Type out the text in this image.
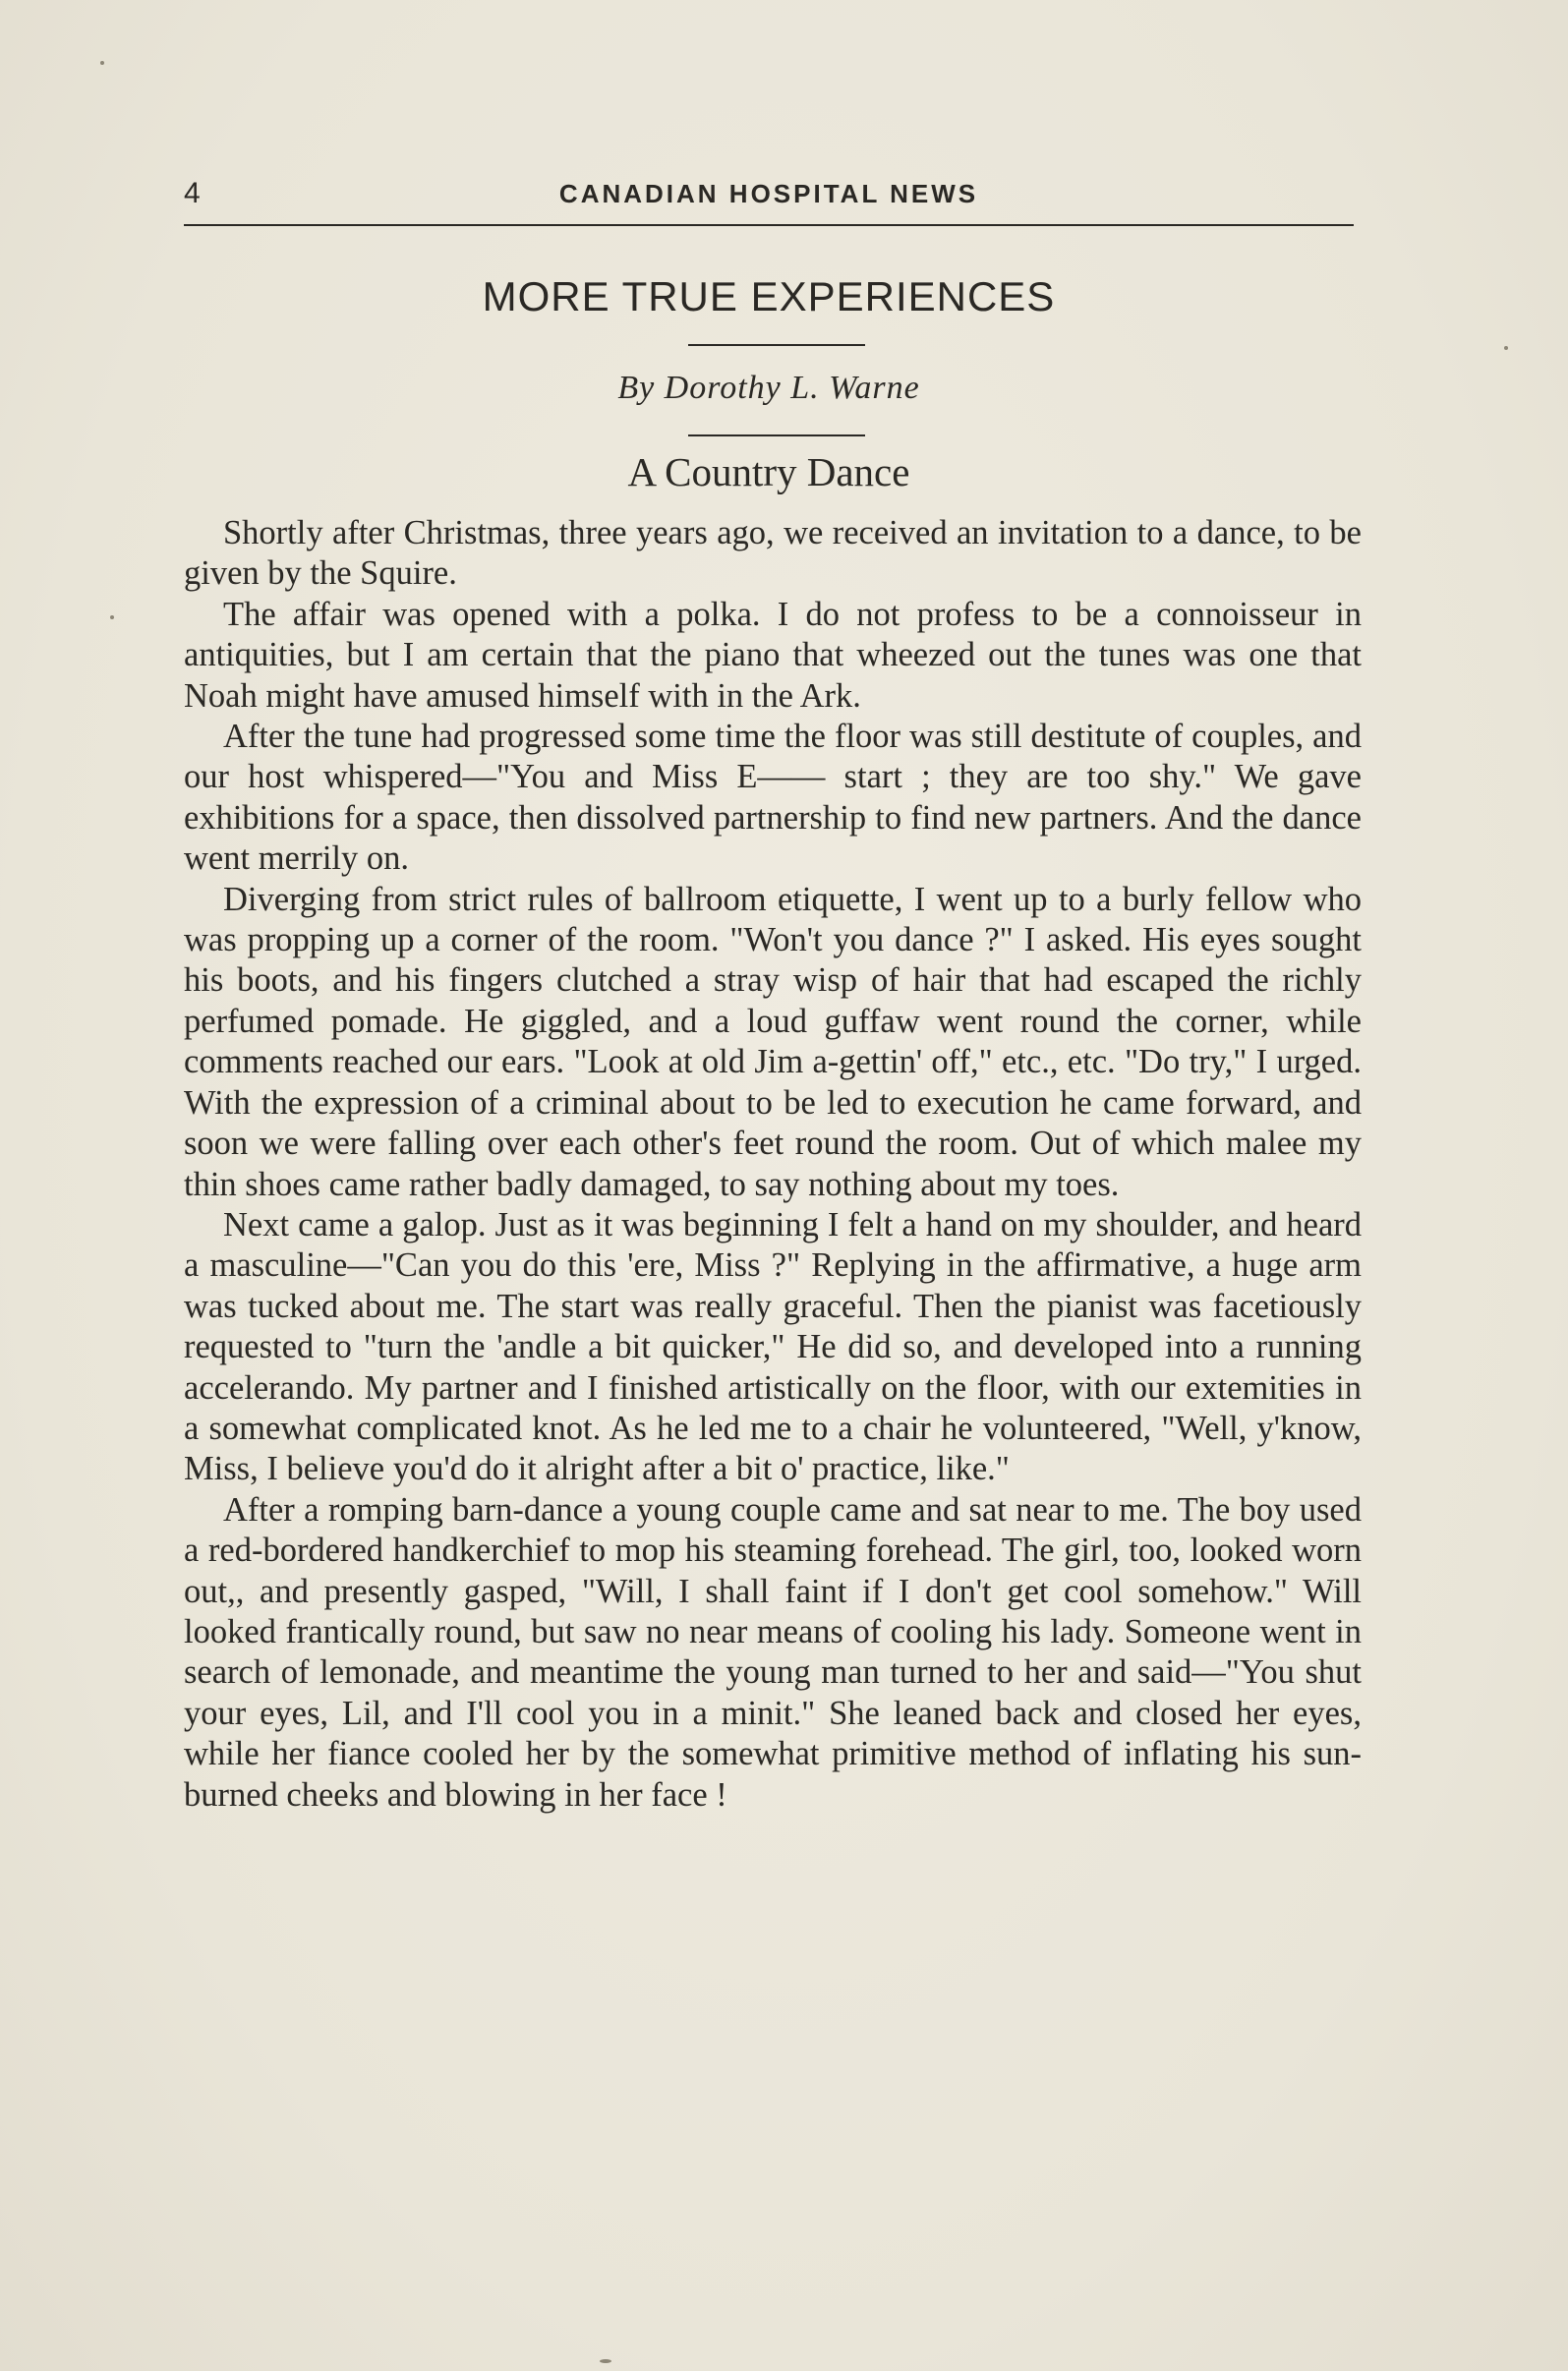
4	CANADIAN HOSPITAL NEWS
MORE TRUE EXPERIENCES
By Dorothy L. Warne
A Country Dance

Shortly after Christmas, three years ago, we received an invitation to a dance, to be given by the Squire.

The affair was opened with a polka. I do not profess to be a connoisseur in antiquities, but I am certain that the piano that wheezed out the tunes was one that Noah might have amused himself with in the Ark.

After the tune had progressed some time the floor was still destitute of couples, and our host whispered—"You and Miss E—— start ; they are too shy." We gave exhibitions for a space, then dissolved partnership to find new partners. And the dance went merrily on.

Diverging from strict rules of ballroom etiquette, I went up to a burly fellow who was propping up a corner of the room. "Won't you dance ?" I asked. His eyes sought his boots, and his fingers clutched a stray wisp of hair that had escaped the richly perfumed pomade. He giggled, and a loud guffaw went round the corner, while comments reached our ears. "Look at old Jim a-gettin' off," etc., etc. "Do try," I urged. With the expression of a criminal about to be led to execution he came forward, and soon we were falling over each other's feet round the room. Out of which malee my thin shoes came rather badly damaged, to say nothing about my toes.

Next came a galop. Just as it was beginning I felt a hand on my shoulder, and heard a masculine—"Can you do this 'ere, Miss ?" Replying in the affirmative, a huge arm was tucked about me. The start was really graceful. Then the pianist was facetiously requested to "turn the 'andle a bit quicker," He did so, and developed into a running accelerando. My partner and I finished artistically on the floor, with our extemities in a somewhat complicated knot. As he led me to a chair he volunteered, "Well, y'know, Miss, I believe you'd do it alright after a bit o' practice, like."

After a romping barn-dance a young couple came and sat near to me. The boy used a red-bordered handkerchief to mop his steaming forehead. The girl, too, looked worn out,, and presently gasped, "Will, I shall faint if I don't get cool somehow." Will looked frantically round, but saw no near means of cooling his lady. Someone went in search of lemonade, and meantime the young man turned to her and said—"You shut your eyes, Lil, and I'll cool you in a minit." She leaned back and closed her eyes, while her fiance cooled her by the somewhat primitive method of inflating his sun-burned cheeks and blowing in her face !
